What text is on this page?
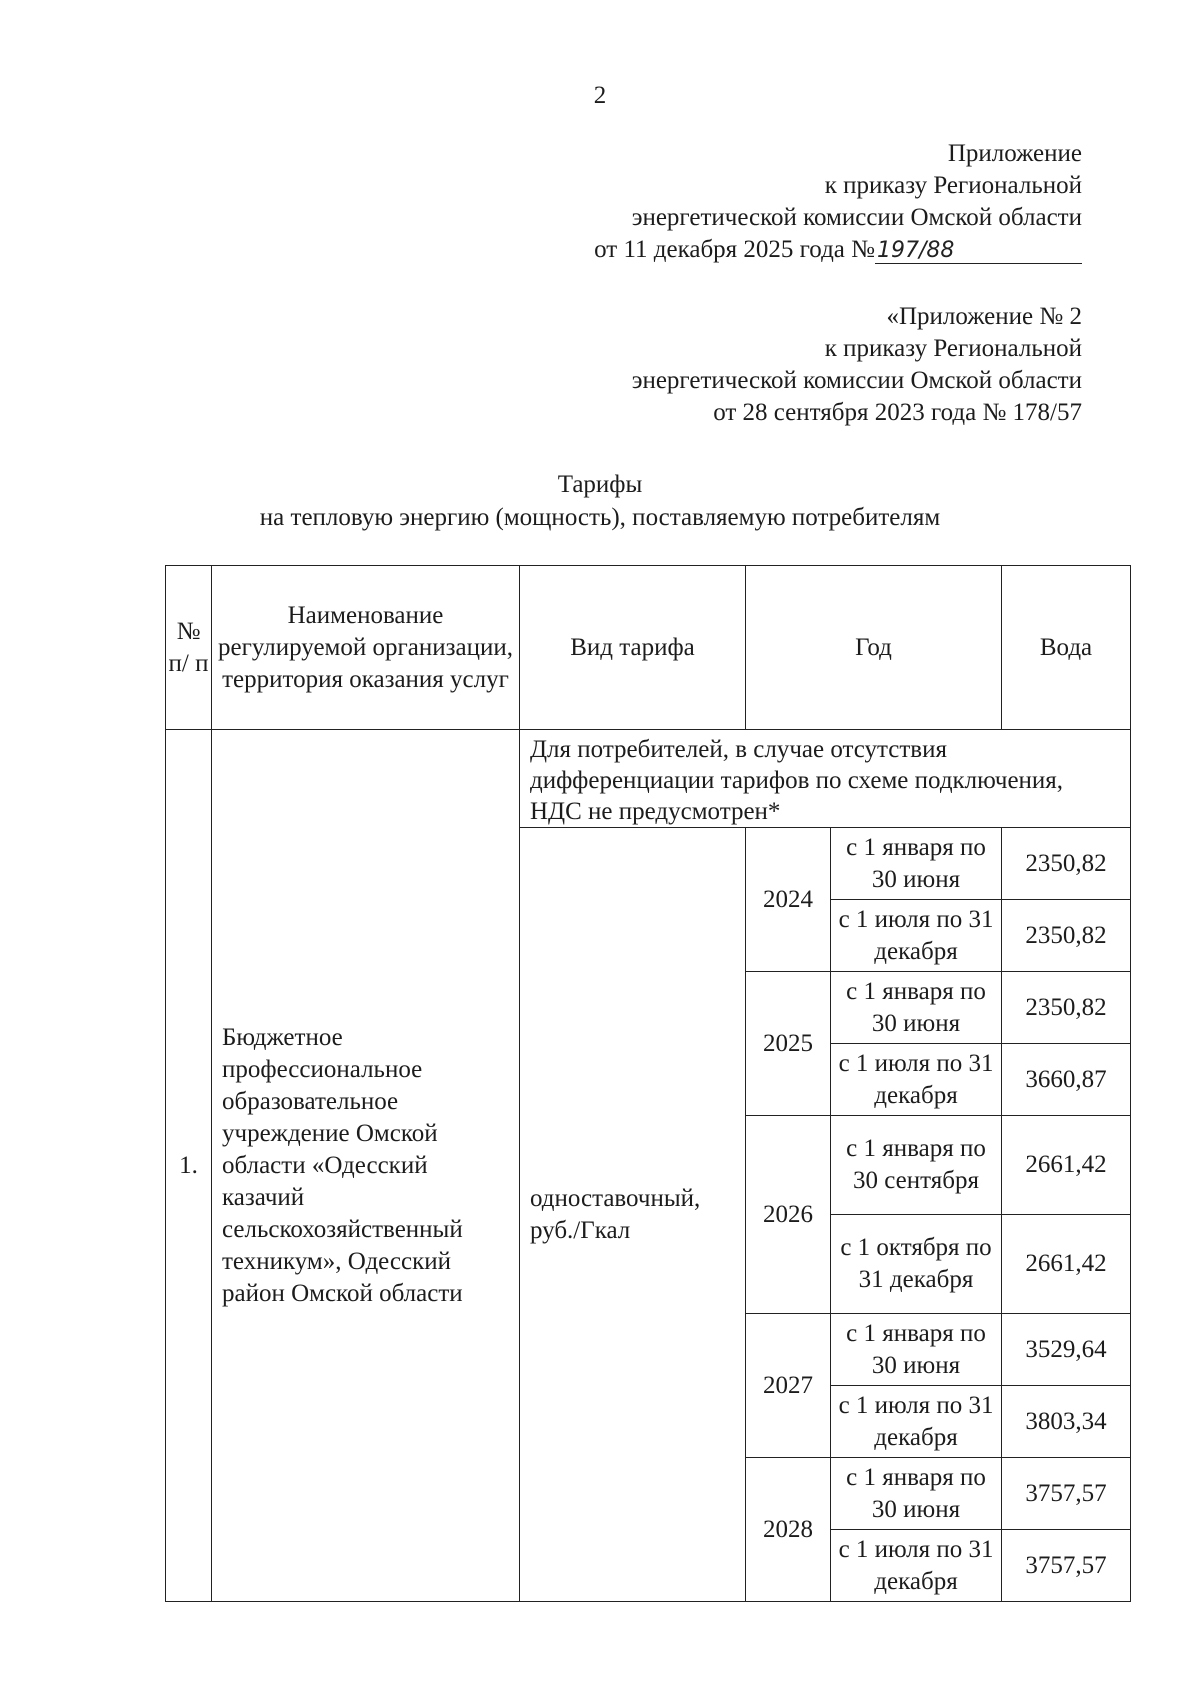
2
Приложение
к приказу Региональной
энергетической комиссии Омской области
от 11 декабря 2025 года №197/88
«Приложение № 2
к приказу Региональной
энергетической комиссии Омской области
от 28 сентября 2023 года № 178/57
Тарифы
на тепловую энергию (мощность), поставляемую потребителям
№ п/ п	Наименование регулируемой организации, территория оказания услуг	Вид тарифа	Год		Вода
1.	Бюджетное профессиональное образовательное учреждение Омской области «Одесский казачий сельскохозяйственный техникум», Одесский район Омской области	Для потребителей, в случае отсутствия дифференциации тарифов по схеме подключения, НДС не предусмотрен*			
		одноставочный, руб./Гкал	2024	с 1 января по 30 июня	2350,82
				с 1 июля по 31 декабря	2350,82
			2025	с 1 января по 30 июня	2350,82
				с 1 июля по 31 декабря	3660,87
			2026	с 1 января по 30 сентября	2661,42
				с 1 октября по 31 декабря	2661,42
			2027	с 1 января по 30 июня	3529,64
				с 1 июля по 31 декабря	3803,34
			2028	с 1 января по 30 июня	3757,57
				с 1 июля по 31 декабря	3757,57
